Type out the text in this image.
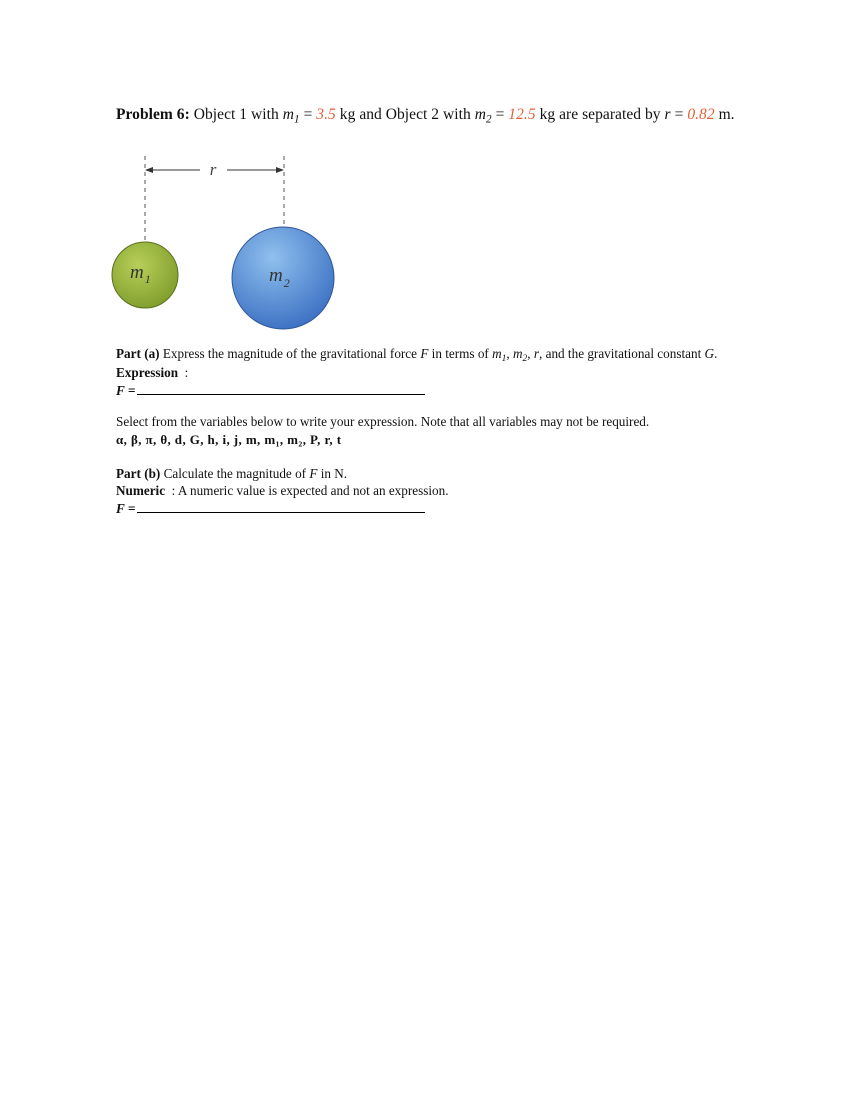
Problem 6: Object 1 with $m_1 = 3.5$ kg and Object 2 with $m_2 = 12.5$ kg are separated by r = 0.82 m.
r
$m_1$	$m_2$
Part (a) Express the magnitude of the gravitational force F in terms of $m_1$, $m_2$, r, and the gravitational constant G.
Expression :
F =
Select from the variables below to write your expression. Note that all variables may not be required.
α, β, π, θ, d, G, h, i, j, m, m₁, m₂, P, r, t
Part (b) Calculate the magnitude of F in N.
Numeric : A numeric value is expected and not an expression.
F =
